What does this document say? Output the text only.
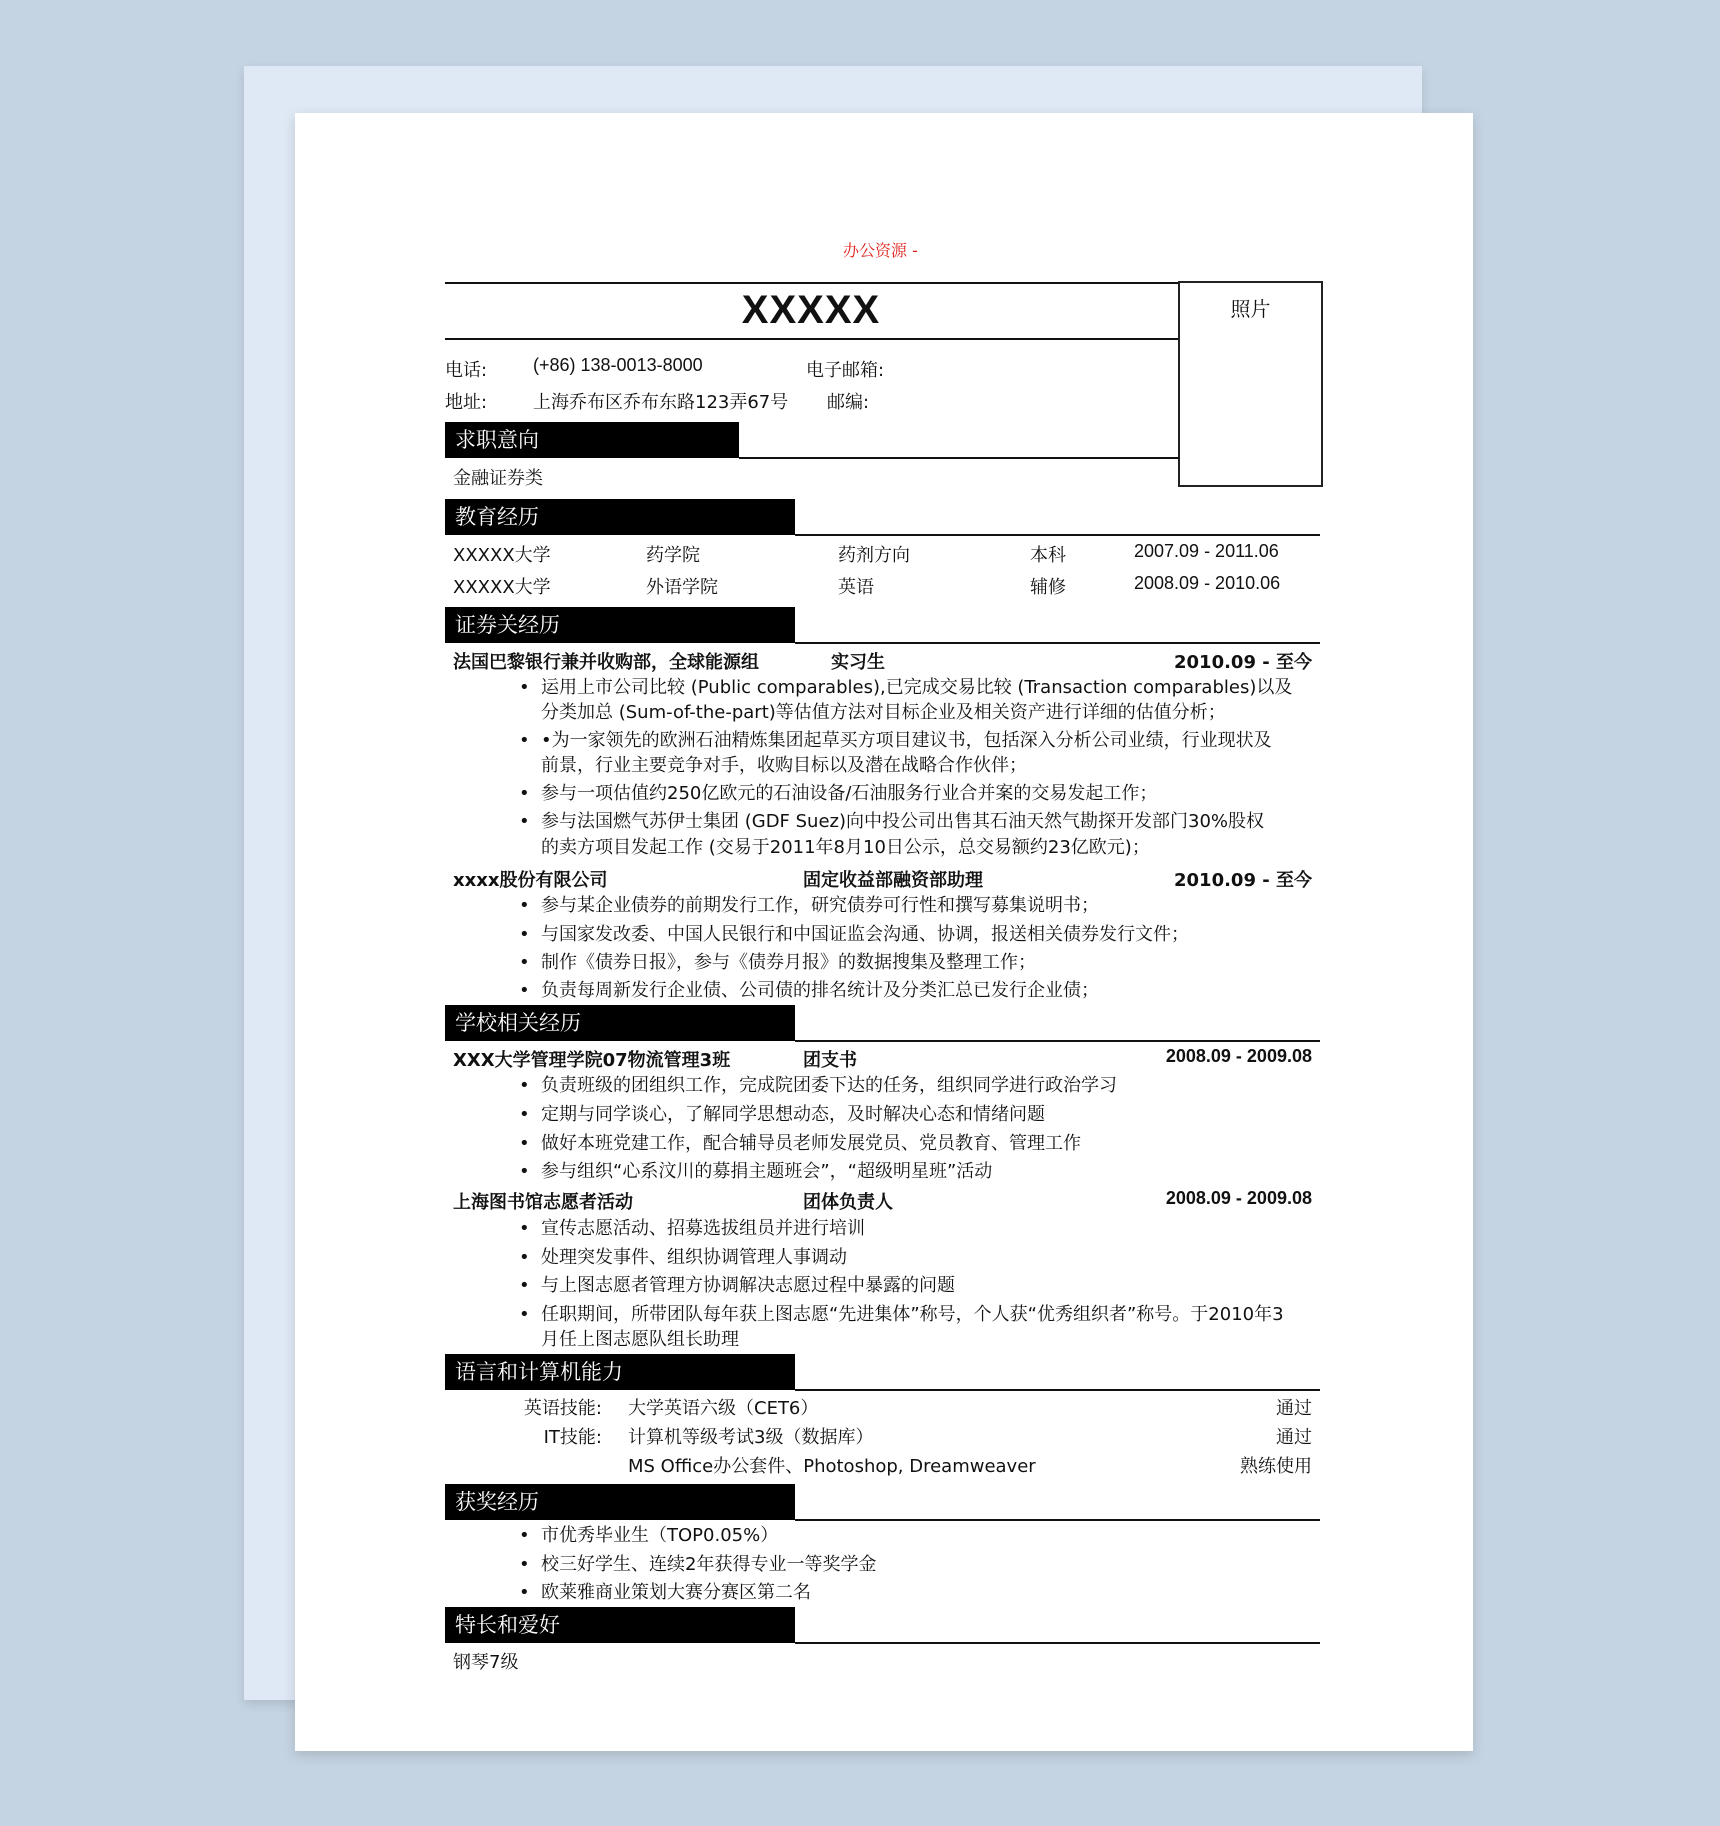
办公资源 -
XXXXX	照片
电话:	(+86) 138-0013-8000	电子邮箱:
地址:	上海乔布区乔布东路123弄67号 邮编:
求职意向
金融证券类
教育经历
XXXXX大学	药学院	药剂方向	本科	2007.09 - 2011.06
XXXXX大学	外语学院	英语	辅修	2008.09 - 2010.06
证券关经历
法国巴黎银行兼并收购部，全球能源组	实习生	2010.09 - 至今
• 运用上市公司比较 (Public comparables),已完成交易比较 (Transaction comparables)以及
分类加总 (Sum-of-the-part)等估值方法对目标企业及相关资产进行详细的估值分析；
• •为一家领先的欧洲石油精炼集团起草买方项目建议书，包括深入分析公司业绩，行业现状及
前景，行业主要竞争对手，收购目标以及潜在战略合作伙伴；
• 参与一项估值约250亿欧元的石油设备/石油服务行业合并案的交易发起工作；
• 参与法国燃气苏伊士集团 (GDF Suez)向中投公司出售其石油天然气勘探开发部门30%股权
的卖方项目发起工作 (交易于2011年8月10日公示，总交易额约23亿欧元)；
xxxx股份有限公司	固定收益部融资部助理	2010.09 - 至今
• 参与某企业债券的前期发行工作，研究债券可行性和撰写募集说明书；
• 与国家发改委、中国人民银行和中国证监会沟通、协调，报送相关债券发行文件；
• 制作《债券日报》，参与《债券月报》的数据搜集及整理工作；
• 负责每周新发行企业债、公司债的排名统计及分类汇总已发行企业债；
学校相关经历
XXX大学管理学院07物流管理3班	团支书	2008.09 - 2009.08
• 负责班级的团组织工作，完成院团委下达的任务，组织同学进行政治学习
• 定期与同学谈心，了解同学思想动态，及时解决心态和情绪问题
• 做好本班党建工作，配合辅导员老师发展党员、党员教育、管理工作
• 参与组织“心系汶川的募捐主题班会”，“超级明星班”活动
上海图书馆志愿者活动	团体负责人	2008.09 - 2009.08
• 宣传志愿活动、招募选拔组员并进行培训
• 处理突发事件、组织协调管理人事调动
• 与上图志愿者管理方协调解决志愿过程中暴露的问题
• 任职期间，所带团队每年获上图志愿“先进集体”称号，个人获“优秀组织者”称号。于2010年3
月任上图志愿队组长助理
语言和计算机能力
英语技能: 大学英语六级（CET6）	通过
IT技能: 计算机等级考试3级（数据库）	通过
MS Office办公套件、Photoshop, Dreamweaver	熟练使用
获奖经历
• 市优秀毕业生（TOP0.05%）
• 校三好学生、连续2年获得专业一等奖学金
• 欧莱雅商业策划大赛分赛区第二名
特长和爱好
钢琴7级
